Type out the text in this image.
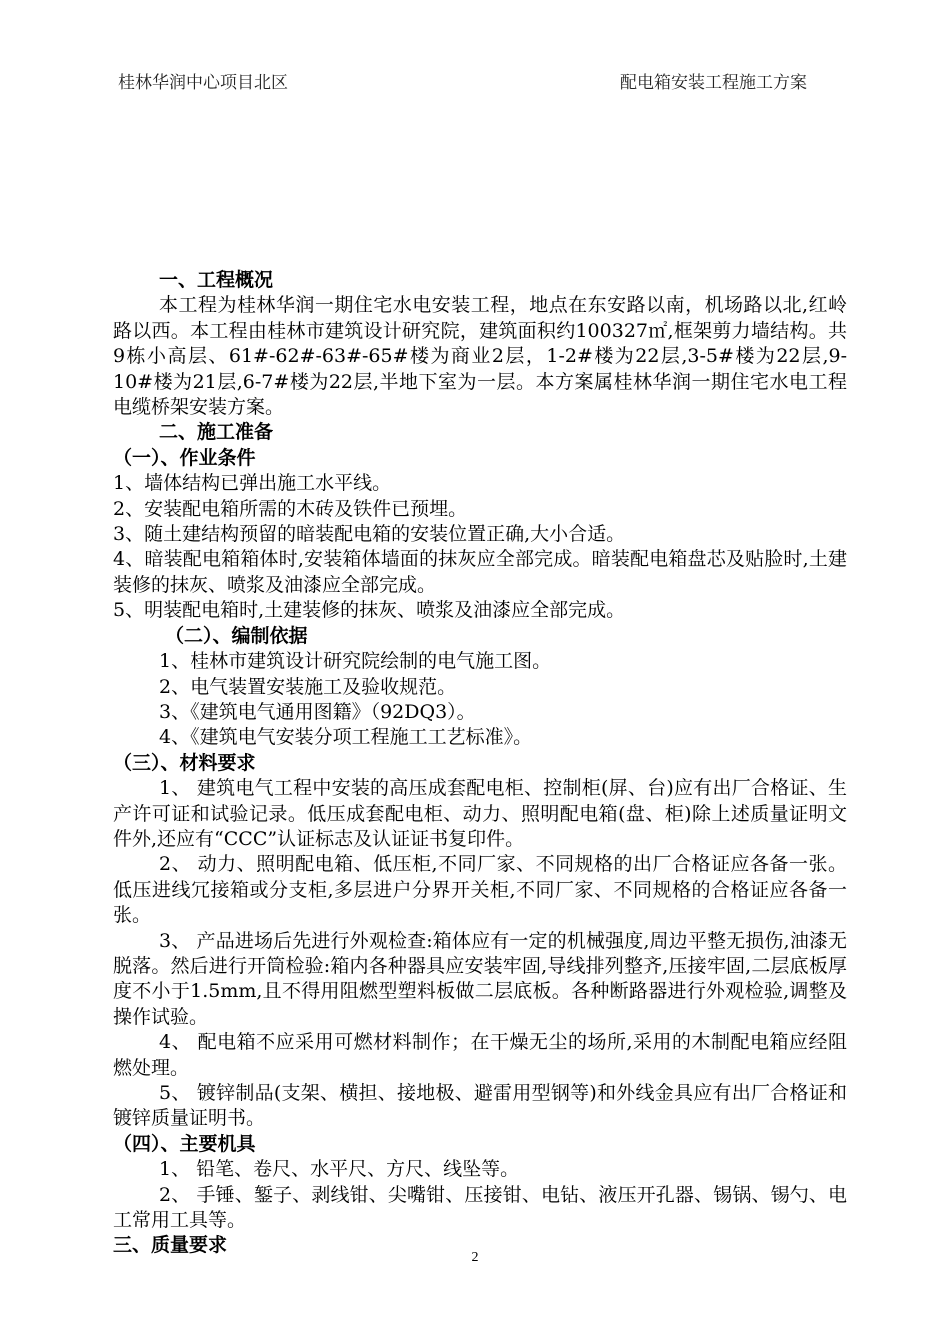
桂林华润中心项目北区	配电箱安装工程施工方案

一、工程概况

本工程为桂林华润一期住宅水电安装工程，地点在东安路以南，机场路以北,红岭路以西。本工程由桂林市建筑设计研究院，建筑面积约100327㎡,框架剪力墙结构。共9栋小高层、61#-62#-63#-65#楼为商业2层，1-2#楼为22层,3-5#楼为22层,9-10#楼为21层,6-7#楼为22层,半地下室为一层。本方案属桂林华润一期住宅水电工程电缆桥架安装方案。

二、施工准备

（一）、作业条件

1、墙体结构已弹出施工水平线。

2、安装配电箱所需的木砖及铁件已预埋。

3、随土建结构预留的暗装配电箱的安装位置正确,大小合适。

4、暗装配电箱箱体时,安装箱体墙面的抹灰应全部完成。暗装配电箱盘芯及贴脸时,土建装修的抹灰、喷浆及油漆应全部完成。

5、明装配电箱时,土建装修的抹灰、喷浆及油漆应全部完成。

（二）、编制依据

1、桂林市建筑设计研究院绘制的电气施工图。

2、电气装置安装施工及验收规范。

3、《建筑电气通用图籍》（92DQ3）。

4、《建筑电气安装分项工程施工工艺标准》。

（三）、材料要求

1、 建筑电气工程中安装的高压成套配电柜、控制柜(屏、台)应有出厂合格证、生产许可证和试验记录。低压成套配电柜、动力、照明配电箱(盘、柜)除上述质量证明文件外,还应有“CCC”认证标志及认证证书复印件。

2、 动力、照明配电箱、低压柜,不同厂家、不同规格的出厂合格证应各备一张。低压进线冗接箱或分支柜,多层进户分界开关柜,不同厂家、不同规格的合格证应各备一张。

3、 产品进场后先进行外观检查:箱体应有一定的机械强度,周边平整无损伤,油漆无脱落。然后进行开筒检验:箱内各种器具应安装牢固,导线排列整齐,压接牢固,二层底板厚度不小于1.5mm,且不得用阻燃型塑料板做二层底板。各种断路器进行外观检验,调整及操作试验。

4、 配电箱不应采用可燃材料制作；在干燥无尘的场所,采用的木制配电箱应经阻燃处理。

5、 镀锌制品(支架、横担、接地极、避雷用型钢等)和外线金具应有出厂合格证和镀锌质量证明书。

（四）、主要机具

1、 铅笔、卷尺、水平尺、方尺、线坠等。

2、 手锤、錾子、剥线钳、尖嘴钳、压接钳、电钻、液压开孔器、锡锅、锡勺、电工常用工具等。

三、质量要求

2
